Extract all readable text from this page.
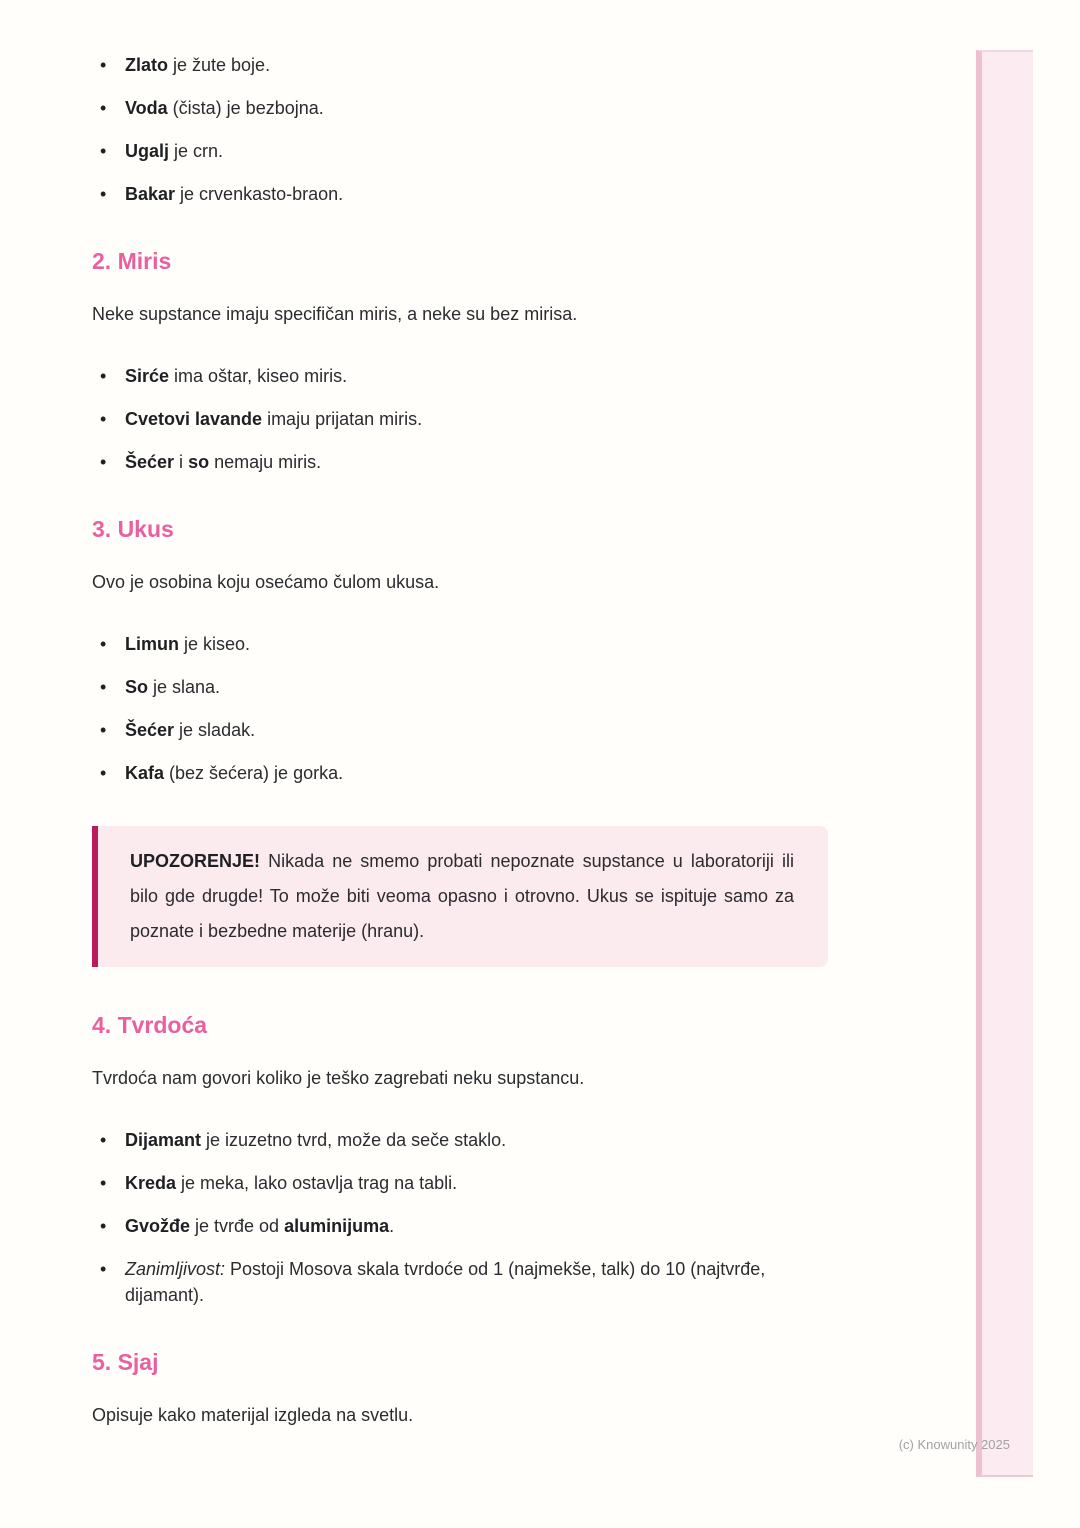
• Zlato je žute boje.
• Voda (čista) je bezbojna.
• Ugalj je crn.
• Bakar je crvenkasto-braon.
2. Miris

Neke supstance imaju specifičan miris, a neke su bez mirisa.

• Sirće ima oštar, kiseo miris.
• Cvetovi lavande imaju prijatan miris.
• Šećer i so nemaju miris.
3. Ukus

Ovo je osobina koju osećamo čulom ukusa.

• Limun je kiseo.
• So je slana.
• Šećer je sladak.
• Kafa (bez šećera) je gorka.
UPOZORENJE! Nikada ne smemo probati nepoznate supstance u laboratoriji ili bilo gde drugde! To može biti veoma opasno i otrovno. Ukus se ispituje samo za poznate i bezbedne materije (hranu).
4. Tvrdoća

Tvrdoća nam govori koliko je teško zagrebati neku supstancu.

• Dijamant je izuzetno tvrd, može da seče staklo.
• Kreda je meka, lako ostavlja trag na tabli.
• Gvožđe je tvrđe od aluminijuma.
• Zanimljivost: Postoji Mosova skala tvrdoće od 1 (najmekše, talk) do 10 (najtvrđe, dijamant).
5. Sjaj

Opisuje kako materijal izgleda na svetlu.

(c) Knowunity 2025
